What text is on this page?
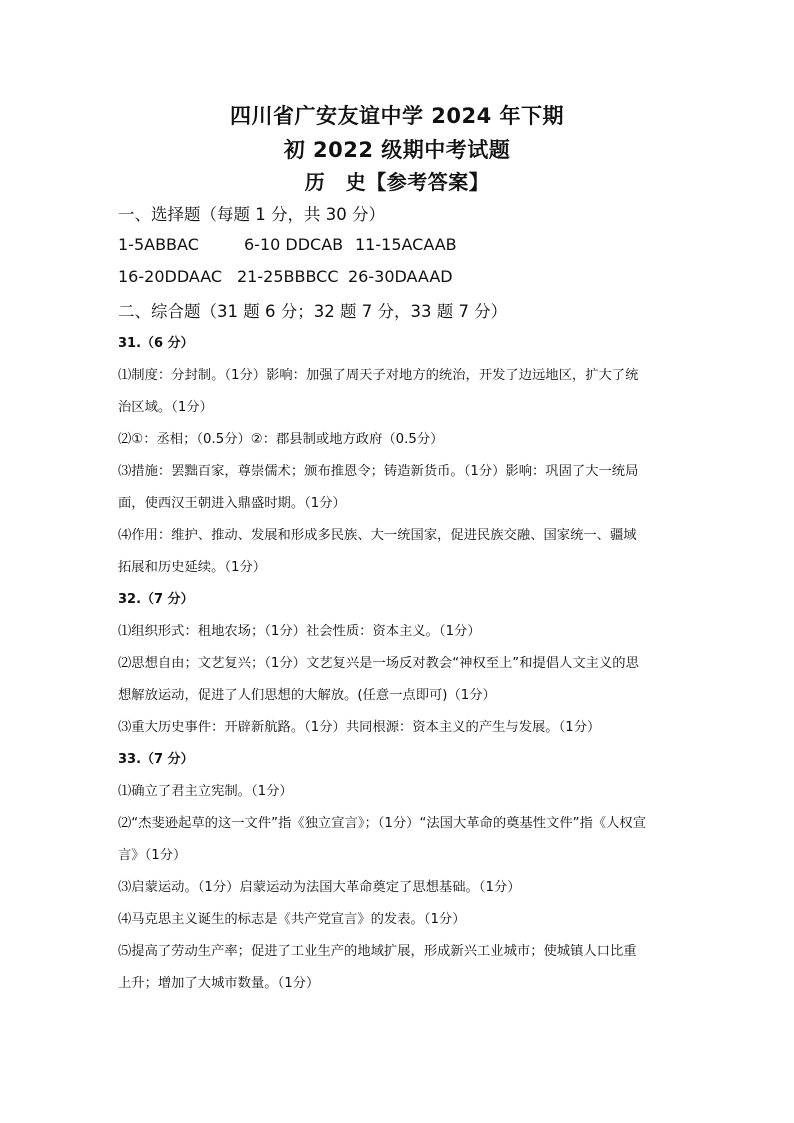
四川省广安友谊中学 2024 年下期
初 2022 级期中考试题
历　史【参考答案】
一、选择题（每题 1 分，共 30 分）
1-5ABBAC	6-10 DDCAB 11-15ACAAB
16-20DDAAC 21-25BBBCC 26-30DAAAD
二、综合题（31 题 6 分；32 题 7 分，33 题 7 分）
31.（6 分）
⑴制度：分封制。（1分）影响：加强了周天子对地方的统治，开发了边远地区，扩大了统
治区域。（1分）
⑵①：丞相；（0.5分）②：郡县制或地方政府（0.5分）
⑶措施：罢黜百家，尊崇儒术；颁布推恩令；铸造新货币。（1分）影响：巩固了大一统局
面，使西汉王朝进入鼎盛时期。（1分）
⑷作用：维护、推动、发展和形成多民族、大一统国家，促进民族交融、国家统一、疆域
拓展和历史延续。（1分）
32.（7 分）
⑴组织形式：租地农场；（1分）社会性质：资本主义。（1分）
⑵思想自由；文艺复兴；（1分）文艺复兴是一场反对教会“神权至上”和提倡人文主义的思
想解放运动，促进了人们思想的大解放。(任意一点即可)（1分）
⑶重大历史事件：开辟新航路。（1分）共同根源：资本主义的产生与发展。（1分）
33.（7 分）
⑴确立了君主立宪制。（1分）
⑵“杰斐逊起草的这一文件”指《独立宣言》；（1分）“法国大革命的奠基性文件”指《人权宣
言》（1分）
⑶启蒙运动。（1分）启蒙运动为法国大革命奠定了思想基础。（1分）
⑷马克思主义诞生的标志是《共产党宣言》的发表。（1分）
⑸提高了劳动生产率；促进了工业生产的地域扩展，形成新兴工业城市；使城镇人口比重
上升；增加了大城市数量。（1分）
